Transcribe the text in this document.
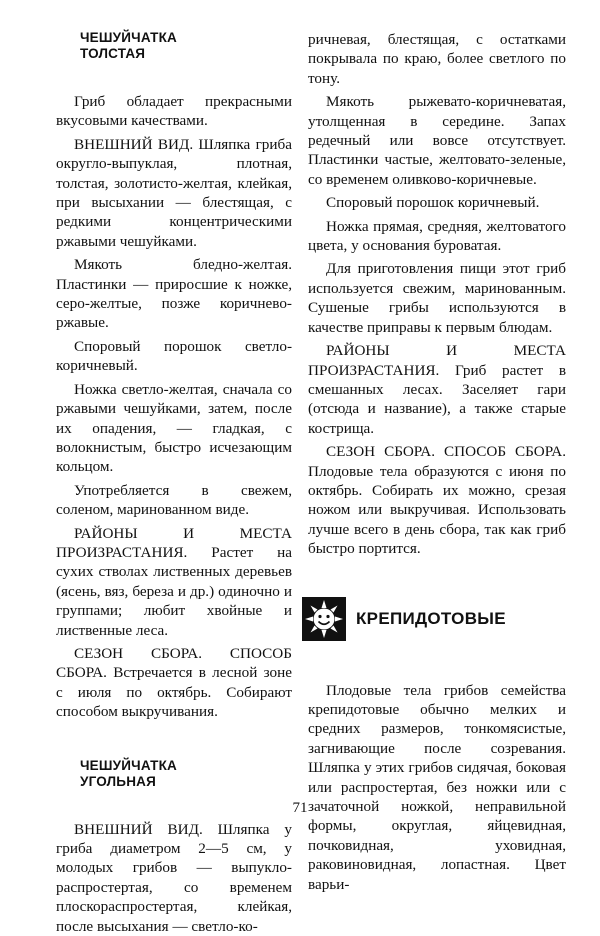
ЧЕШУЙЧАТКА
ТОЛСТАЯ

Гриб обладает прекрасными вкусовыми качествами.

ВНЕШНИЙ ВИД. Шляпка гриба округло-выпуклая, плотная, толстая, золотисто-желтая, клейкая, при высыхании — блестящая, с редкими концентрическими ржавыми чешуйками.

Мякоть бледно-желтая. Пластинки — приросшие к ножке, серо-желтые, позже коричнево-ржавые.

Споровый порошок светло-коричневый.

Ножка светло-желтая, сначала со ржавыми чешуйками, затем, после их опадения, — гладкая, с волокнистым, быстро исчезающим кольцом.

Употребляется в свежем, соленом, маринованном виде.

РАЙОНЫ И МЕСТА ПРОИЗРАСТАНИЯ. Растет на сухих стволах лиственных деревьев (ясень, вяз, береза и др.) одиночно и группами; любит хвойные и лиственные леса.

СЕЗОН СБОРА. СПОСОБ СБОРА. Встречается в лесной зоне с июля по октябрь. Собирают способом выкручивания.

ЧЕШУЙЧАТКА
УГОЛЬНАЯ

ВНЕШНИЙ ВИД. Шляпка у гриба диаметром 2—5 см, у молодых грибов — выпукло-распростертая, со временем плоскораспростертая, клейкая, после высыхания — светло-ко-

ричневая, блестящая, с остатками покрывала по краю, более светлого по тону.

Мякоть рыжевато-коричневатая, утолщенная в середине. Запах редечный или вовсе отсутствует. Пластинки частые, желтовато-зеленые, со временем оливково-коричневые.

Споровый порошок коричневый.

Ножка прямая, средняя, желтоватого цвета, у основания буроватая.

Для приготовления пищи этот гриб используется свежим, маринованным. Сушеные грибы используются в качестве приправы к первым блюдам.

РАЙОНЫ И МЕСТА ПРОИЗРАСТАНИЯ. Гриб растет в смешанных лесах. Заселяет гари (отсюда и название), а также старые кострища.

СЕЗОН СБОРА. СПОСОБ СБОРА. Плодовые тела образуются с июня по октябрь. Собирать их можно, срезая ножом или выкручивая. Использовать лучше всего в день сбора, так как гриб быстро портится.

КРЕПИДОТОВЫЕ

Плодовые тела грибов семейства крепидотовые обычно мелких и средних размеров, тонкомясистые, загнивающие после созревания. Шляпка у этих грибов сидячая, боковая или распростертая, без ножки или с зачаточной ножкой, неправильной формы, округлая, яйцевидная, почковидная, уховидная, раковиновидная, лопастная. Цвет варьи-

71
